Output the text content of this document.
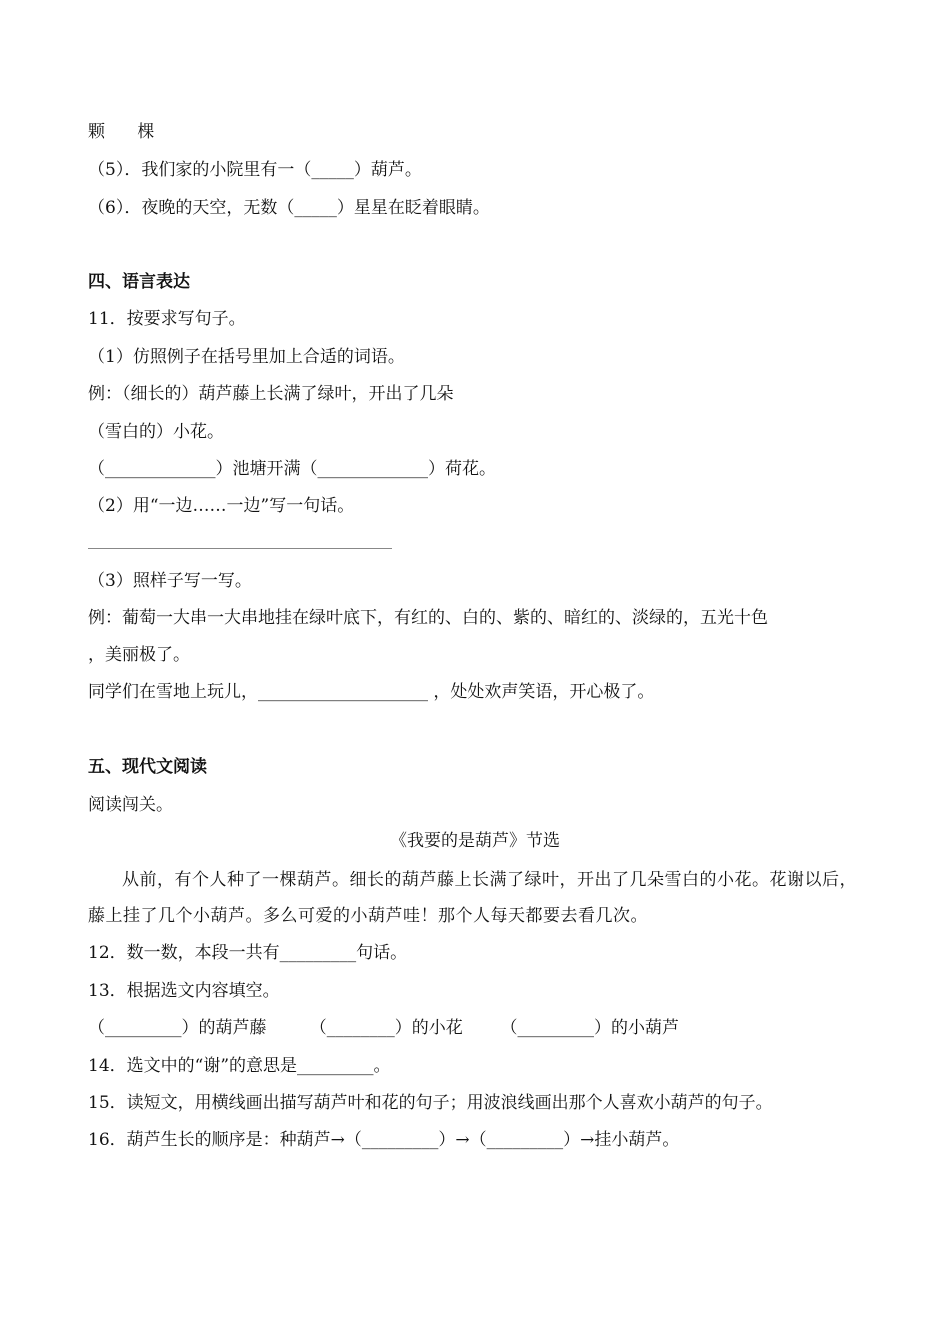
颗      棵
（5）．我们家的小院里有一（_____）葫芦。
（6）．夜晚的天空，无数（_____）星星在眨着眼睛。
四、语言表达
11．按要求写句子。
（1）仿照例子在括号里加上合适的词语。
例：（细长的）葫芦藤上长满了绿叶，开出了几朵
（雪白的）小花。
（_____________）池塘开满（_____________）荷花。
（2）用“一边……一边”写一句话。
（3）照样子写一写。
例：葡萄一大串一大串地挂在绿叶底下，有红的、白的、紫的、暗红的、淡绿的，五光十色
，美丽极了。
同学们在雪地上玩儿，____________________ ，处处欢声笑语，开心极了。
五、现代文阅读
阅读闯关。
《我要的是葫芦》节选
从前，有个人种了一棵葫芦。细长的葫芦藤上长满了绿叶，开出了几朵雪白的小花。花谢以后，藤上挂了几个小葫芦。多么可爱的小葫芦哇！那个人每天都要去看几次。
12．数一数，本段一共有_________句话。
13．根据选文内容填空。
（_________）的葫芦藤        （________）的小花       （_________）的小葫芦
14．选文中的“谢”的意思是_________。
15．读短文，用横线画出描写葫芦叶和花的句子；用波浪线画出那个人喜欢小葫芦的句子。
16．葫芦生长的顺序是：种葫芦→（_________）→（_________）→挂小葫芦。
